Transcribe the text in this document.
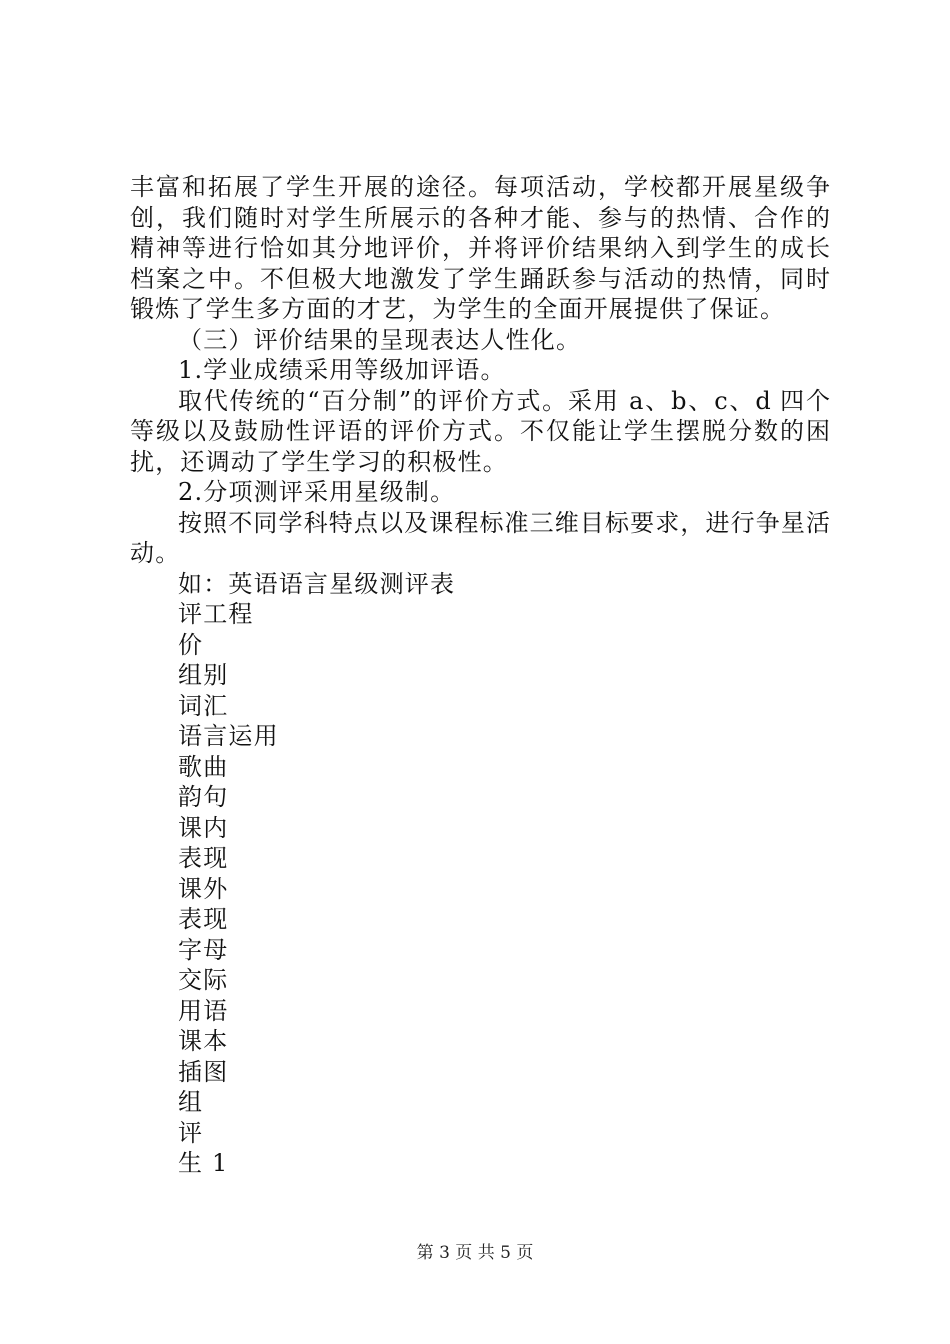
丰富和拓展了学生开展的途径。每项活动，学校都开展星级争
创，我们随时对学生所展示的各种才能、参与的热情、合作的
精神等进行恰如其分地评价，并将评价结果纳入到学生的成长
档案之中。不但极大地激发了学生踊跃参与活动的热情，同时
锻炼了学生多方面的才艺，为学生的全面开展提供了保证。
（三）评价结果的呈现表达人性化。
1.学业成绩采用等级加评语。
取代传统的“百分制”的评价方式。采用 a、b、c、d 四个
等级以及鼓励性评语的评价方式。不仅能让学生摆脱分数的困
扰，还调动了学生学习的积极性。
2.分项测评采用星级制。
按照不同学科特点以及课程标准三维目标要求，进行争星活
动。
如：英语语言星级测评表
评工程
价
组别
词汇
语言运用
歌曲
韵句
课内
表现
课外
表现
字母
交际
用语
课本
插图
组
评
生 1
第 3 页 共 5 页
